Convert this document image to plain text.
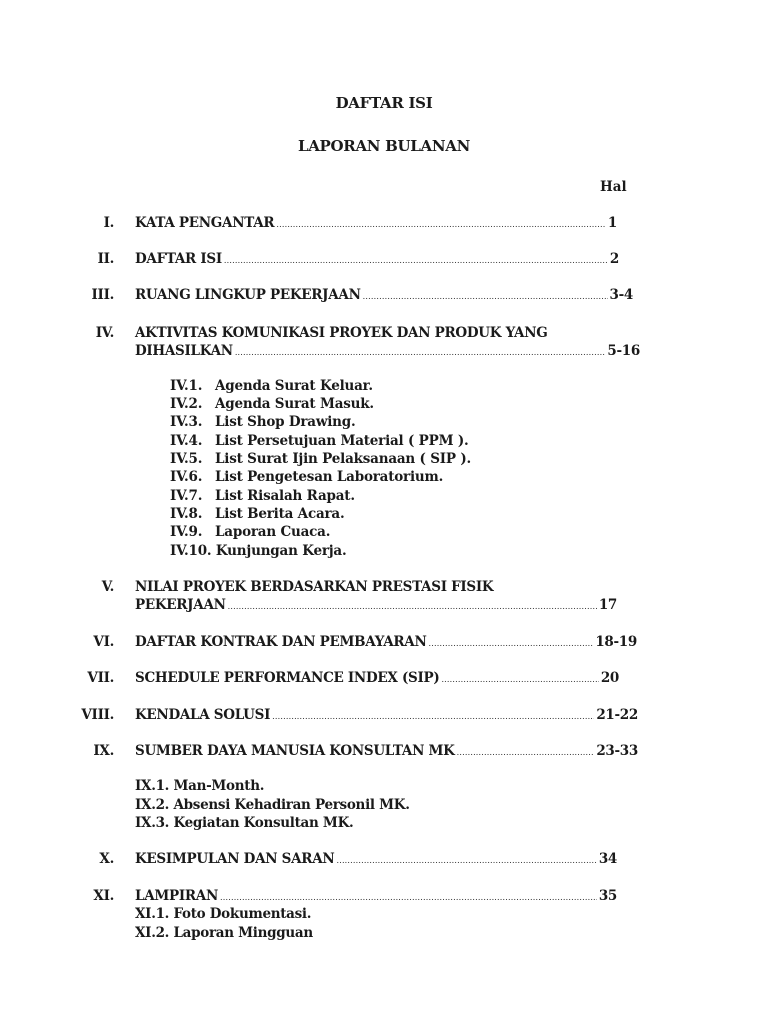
DAFTAR ISI
LAPORAN BULANAN
Hal
I. KATA PENGANTAR .....	1
II. DAFTAR ISI .....	2
III. RUANG LINGKUP PEKERJAAN .....	3-4
IV. AKTIVITAS KOMUNIKASI PROYEK DAN PRODUK YANG
DIHASILKAN .....	5-16
IV.1. Agenda Surat Keluar.
IV.2. Agenda Surat Masuk.
IV.3. List Shop Drawing.
IV.4. List Persetujuan Material ( PPM ).
IV.5. List Surat Ijin Pelaksanaan ( SIP ).
IV.6. List Pengetesan Laboratorium.
IV.7. List Risalah Rapat.
IV.8. List Berita Acara.
IV.9. Laporan Cuaca.
IV.10. Kunjungan Kerja.
V. NILAI PROYEK BERDASARKAN PRESTASI FISIK
PEKERJAAN .....	17
VI. DAFTAR KONTRAK DAN PEMBAYARAN .....	18-19
VII. SCHEDULE PERFORMANCE INDEX (SIP) .....	20
VIII. KENDALA SOLUSI .....	21-22
IX. SUMBER DAYA MANUSIA KONSULTAN MK .....	23-33
IX.1. Man-Month.
IX.2. Absensi Kehadiran Personil MK.
IX.3. Kegiatan Konsultan MK.
X. KESIMPULAN DAN SARAN .....	34
XI. LAMPIRAN .....	35
XI.1. Foto Dokumentasi.
XI.2. Laporan Mingguan
